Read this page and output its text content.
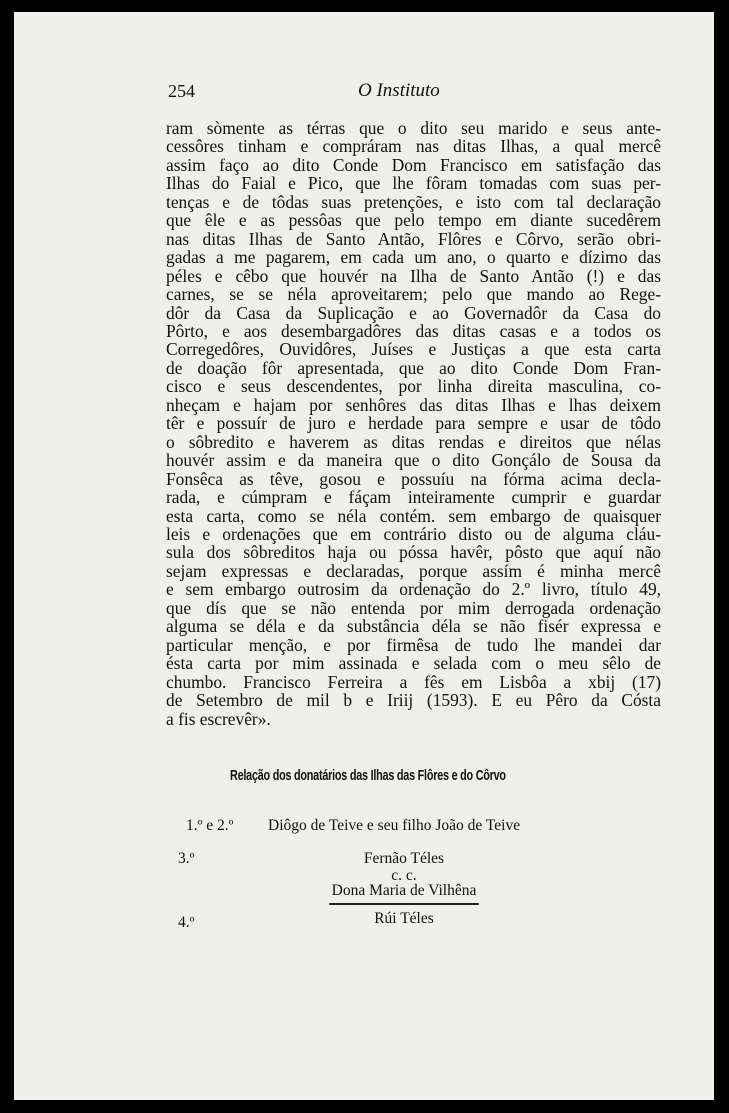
254	O Instituto
ram sòmente as térras que o dito seu marido e seus ante-
cessôres tinham e compráram nas ditas Ilhas, a qual mercê
assim faço ao dito Conde Dom Francisco em satisfação das
Ilhas do Faial e Pico, que lhe fôram tomadas com suas per-
tenças e de tôdas suas pretenções, e isto com tal declaração
que êle e as pessôas que pelo tempo em diante sucedêrem
nas ditas Ilhas de Santo Antão, Flôres e Côrvo, serão obri-
gadas a me pagarem, em cada um ano, o quarto e dízimo das
péles e cêbo que houvér na Ilha de Santo Antão (!) e das
carnes, se se néla aproveitarem; pelo que mando ao Rege-
dôr da Casa da Suplicação e ao Governadôr da Casa do
Pôrto, e aos desembargadôres das ditas casas e a todos os
Corregedôres, Ouvidôres, Juíses e Justiças a que esta carta
de doação fôr apresentada, que ao dito Conde Dom Fran-
cisco e seus descendentes, por linha direita masculina, co-
nheçam e hajam por senhôres das ditas Ilhas e lhas deixem
têr e possuír de juro e herdade para sempre e usar de tôdo
o sôbredito e haverem as ditas rendas e direitos que nélas
houvér assim e da maneira que o dito Gonçálo de Sousa da
Fonsêca as têve, gosou e possuíu na fórma acima decla-
rada, e cúmpram e fáçam inteiramente cumprir e guardar
esta carta, como se néla contém. sem embargo de quaisquer
leis e ordenações que em contrário disto ou de alguma cláu-
sula dos sôbreditos haja ou póssa havêr, pôsto que aquí não
sejam expressas e declaradas, porque assím é minha mercê
e sem embargo outrosim da ordenação do 2.º livro, título 49,
que dís que se não entenda por mim derrogada ordenação
alguma se déla e da substância déla se não fisér expressa e
particular menção, e por firmêsa de tudo lhe mandei dar
ésta carta por mim assinada e selada com o meu sêlo de
chumbo. Francisco Ferreira a fês em Lisbôa a xbij (17)
de Setembro de mil b e Iriij (1593). E eu Pêro da Cósta
a fis escrevêr».
Relação dos donatários das Ilhas das Flôres e do Côrvo
1.º e 2.º Diôgo de Teive e seu filho João de Teive
3.º	Fernão Téles
c. c.
Dona Maria de Vilhêna
4.º	Rúi Téles
